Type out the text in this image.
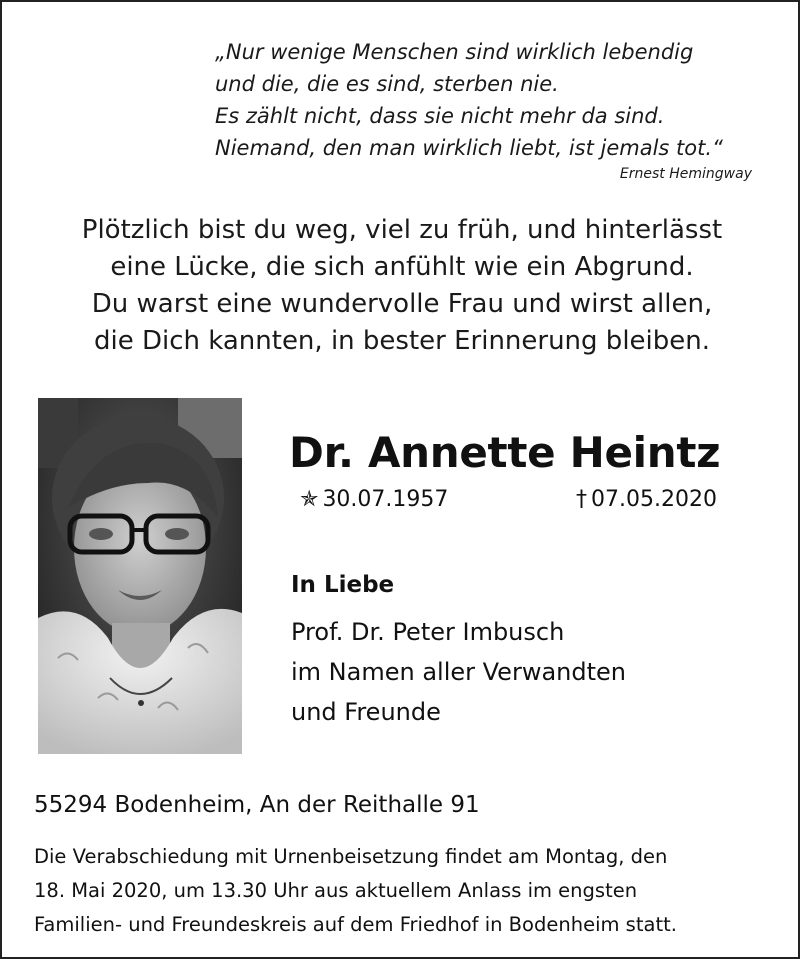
„Nur wenige Menschen sind wirklich lebendig
und die, die es sind, sterben nie.
Es zählt nicht, dass sie nicht mehr da sind.
Niemand, den man wirklich liebt, ist jemals tot.“
Ernest Hemingway
Plötzlich bist du weg, viel zu früh, und hinterlässt
eine Lücke, die sich anfühlt wie ein Abgrund.
Du warst eine wundervolle Frau und wirst allen,
die Dich kannten, in bester Erinnerung bleiben.
Dr. Annette Heintz
✯ 30.07.1957	† 07.05.2020
In Liebe
Prof. Dr. Peter Imbusch
im Namen aller Verwandten
und Freunde
55294 Bodenheim, An der Reithalle 91
Die Verabschiedung mit Urnenbeisetzung findet am Montag, den
18. Mai 2020, um 13.30 Uhr aus aktuellem Anlass im engsten
Familien- und Freundeskreis auf dem Friedhof in Bodenheim statt.
